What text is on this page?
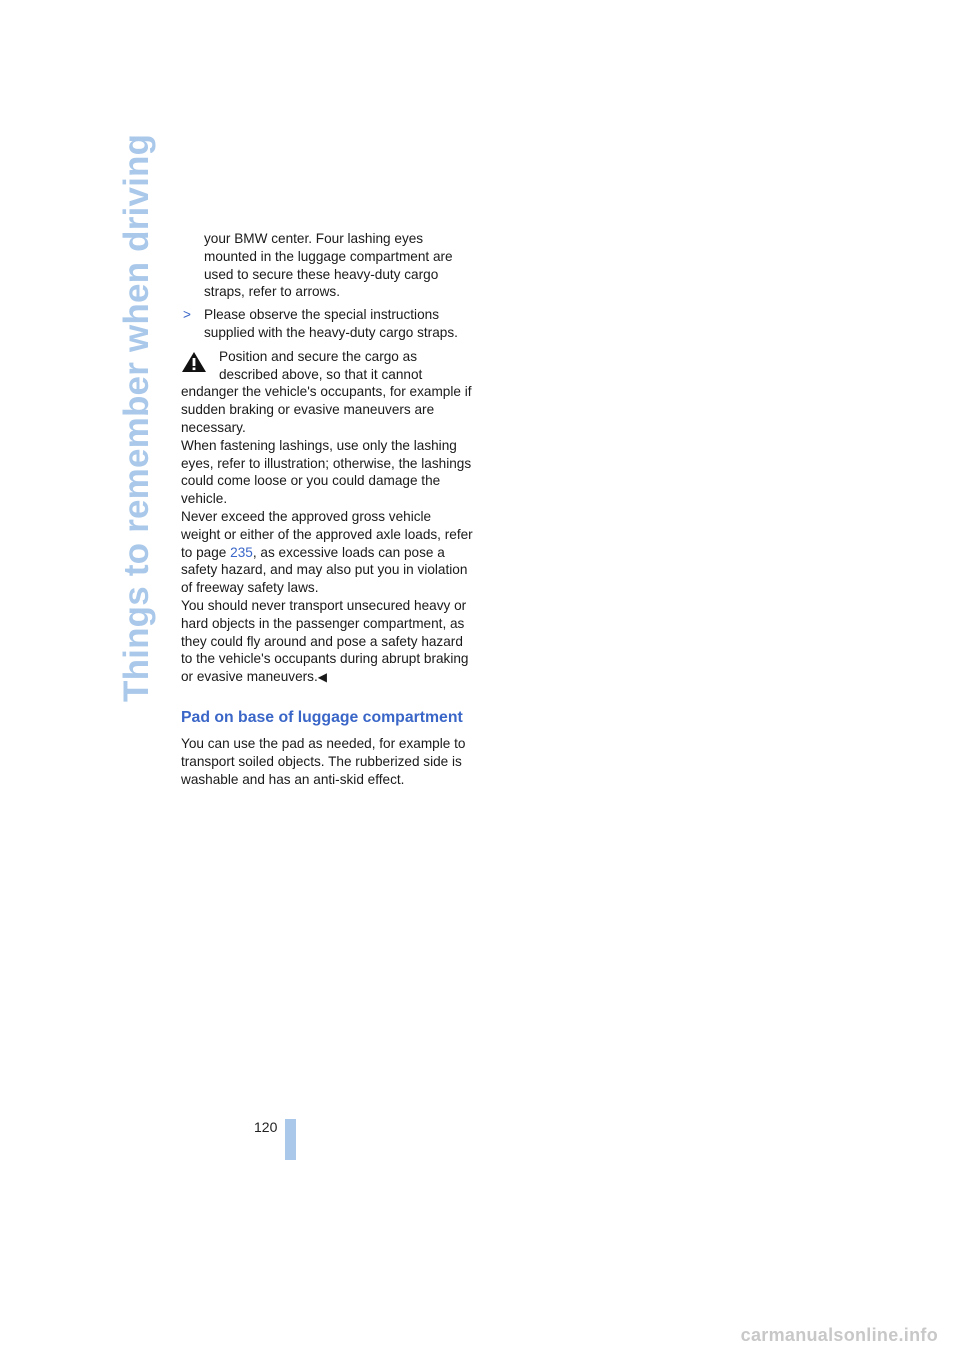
Things to remember when driving	your BMW center. Four lashing eyes mounted in the luggage compartment are used to secure these heavy-duty cargo straps, refer to arrows.

> Please observe the special instructions supplied with the heavy-duty cargo straps.

Position and secure the cargo as described above, so that it cannot endanger the vehicle's occupants, for example if sudden braking or evasive maneuvers are necessary.

When fastening lashings, use only the lashing eyes, refer to illustration; otherwise, the lashings could come loose or you could damage the vehicle.

Never exceed the approved gross vehicle weight or either of the approved axle loads, refer to page 235, as excessive loads can pose a safety hazard, and may also put you in violation of freeway safety laws.

You should never transport unsecured heavy or hard objects in the passenger compartment, as they could fly around and pose a safety hazard to the vehicle's occupants during abrupt braking or evasive maneuvers.◀

Pad on base of luggage compartment

You can use the pad as needed, for example to transport soiled objects. The rubberized side is washable and has an anti-skid effect.

120
carmanualsonline.info
